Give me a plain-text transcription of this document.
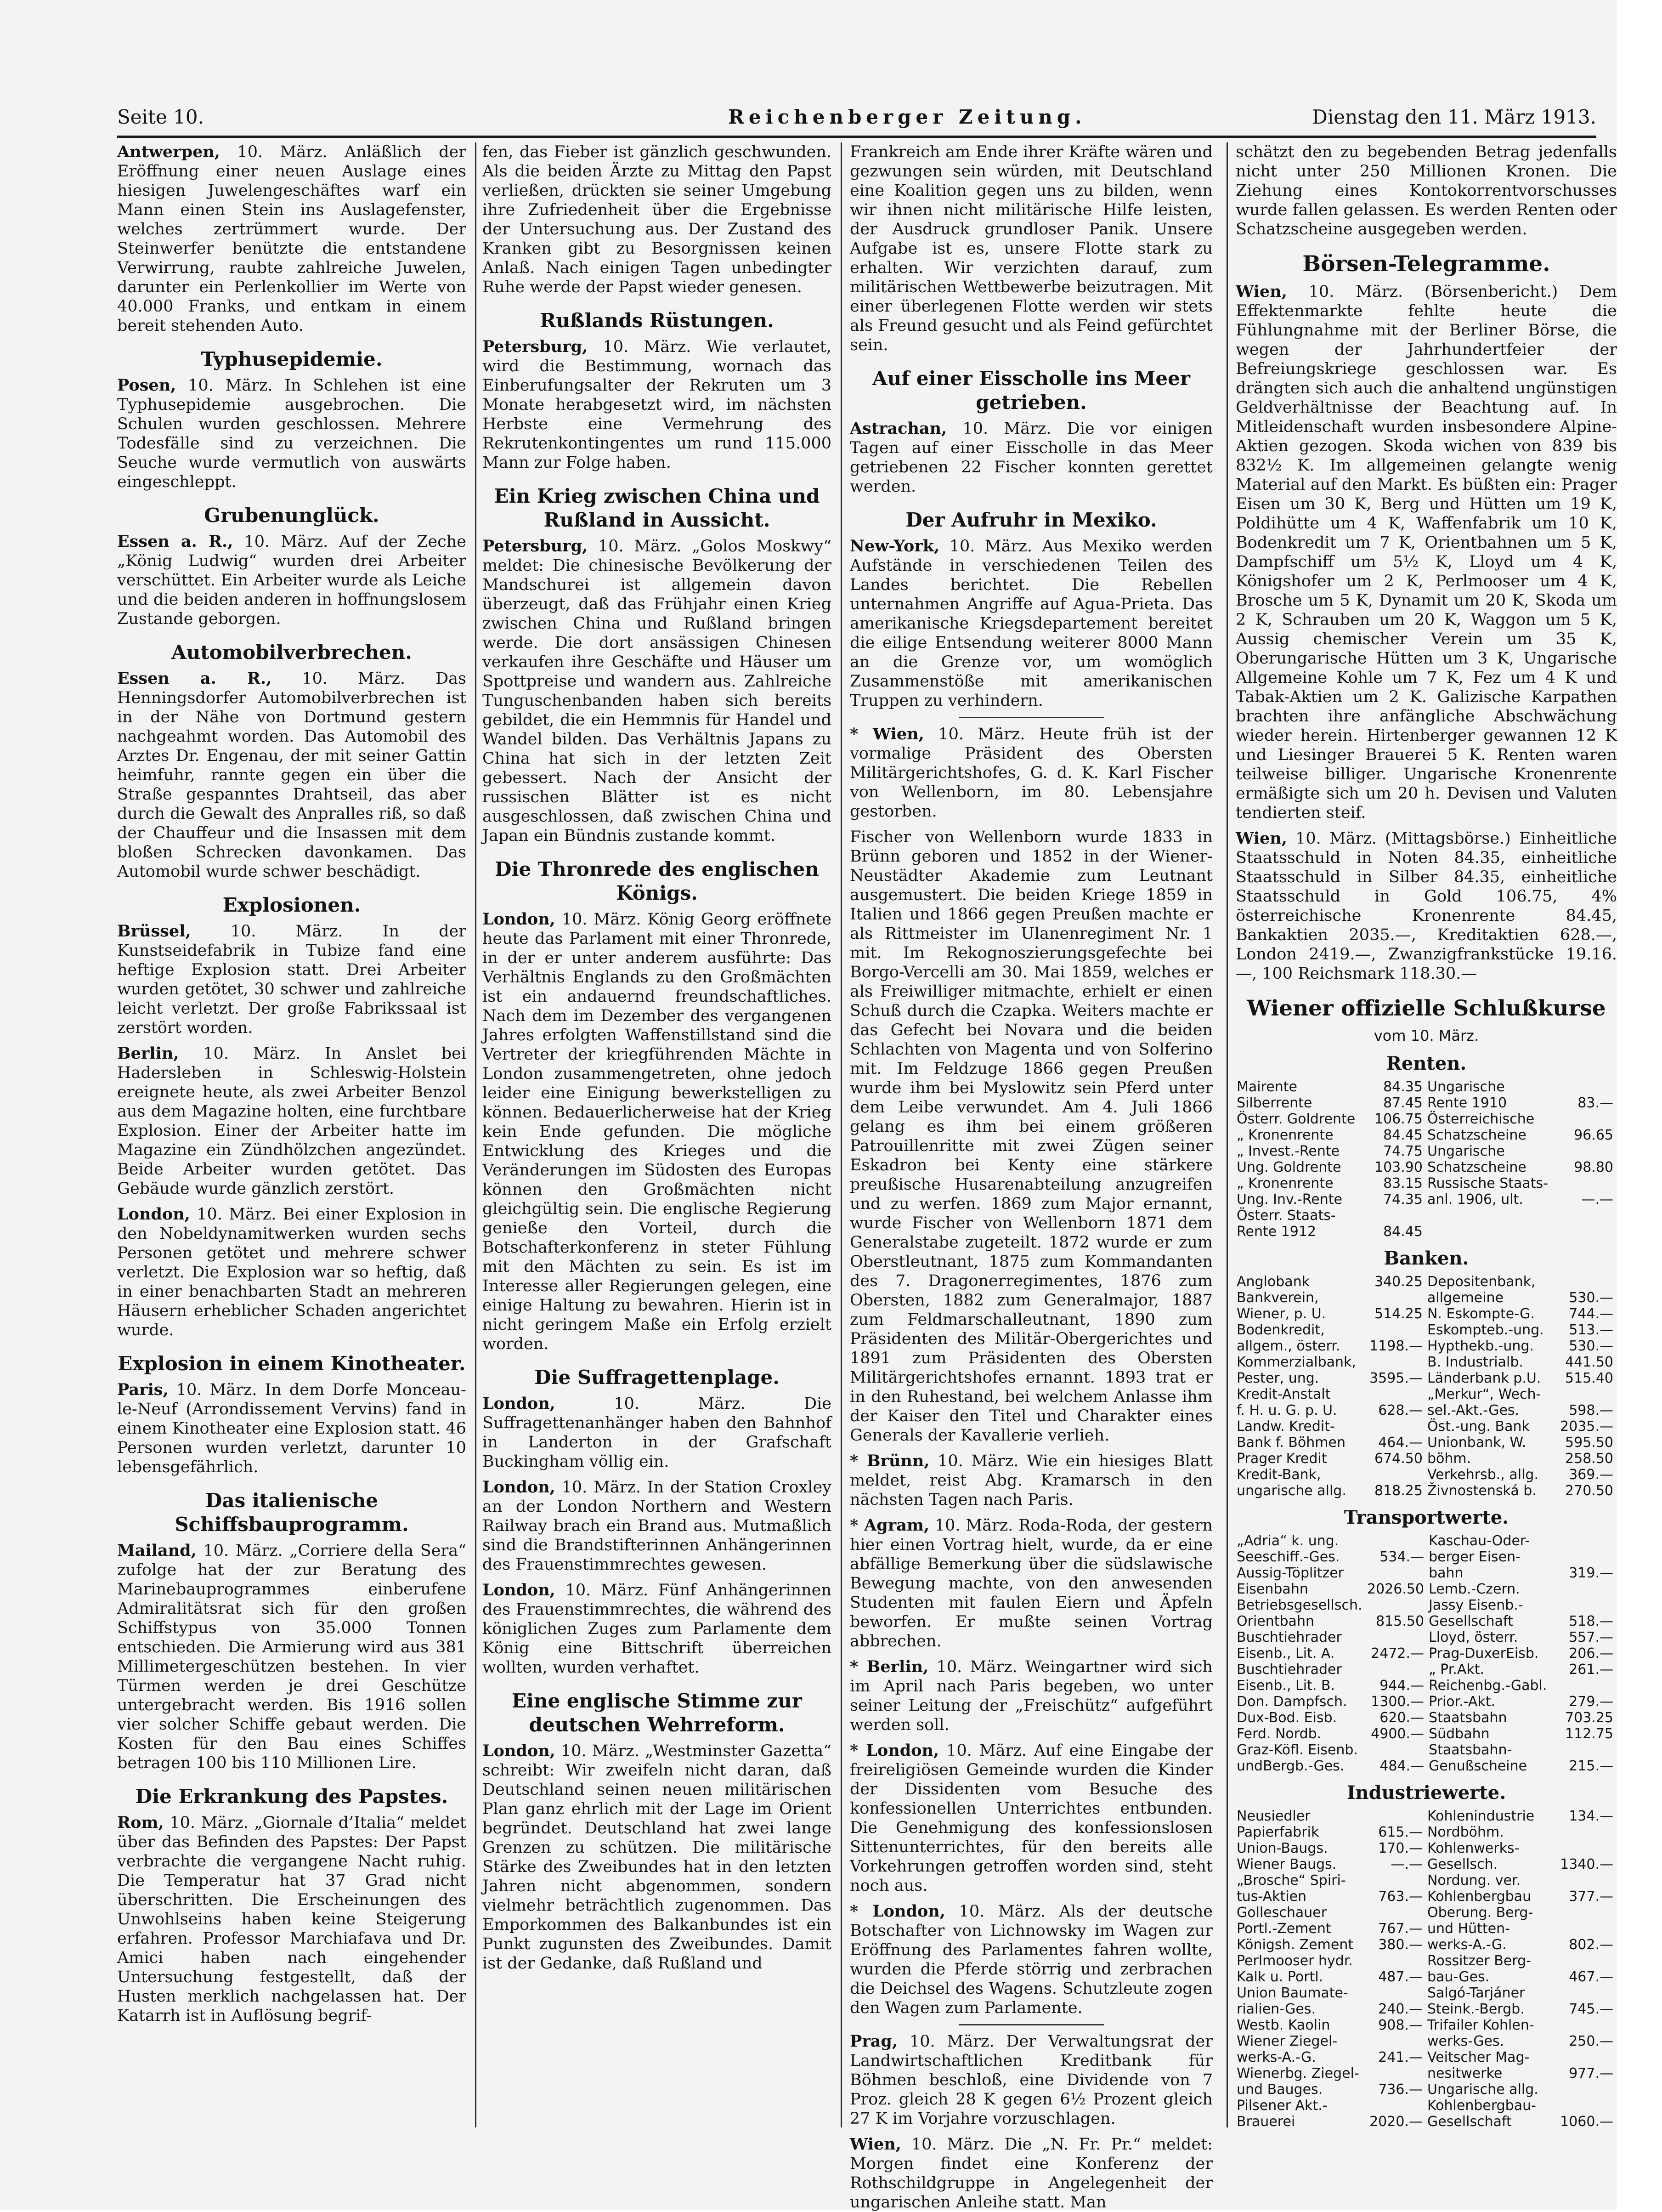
Seite 10.	Reichenberger Zeitung.	Dienstag den 11. März 1913.

Antwerpen, 10. März. Anläßlich der Eröffnung einer neuen Auslage eines hiesigen Juwelengeschäftes warf ein Mann einen Stein ins Auslagefenster, welches zertrümmert wurde. Der Steinwerfer benützte die entstandene Verwirrung, raubte zahlreiche Juwelen, darunter ein Perlenkollier im Werte von 40.000 Franks, und entkam in einem bereit stehenden Auto.

Typhusepidemie.

Posen, 10. März. In Schlehen ist eine Typhusepidemie ausgebrochen. Die Schulen wurden geschlossen. Mehrere Todesfälle sind zu verzeichnen. Die Seuche wurde vermutlich von auswärts eingeschleppt.

Grubenunglück.

Essen a. R., 10. März. Auf der Zeche „König Ludwig“ wurden drei Arbeiter verschüttet. Ein Arbeiter wurde als Leiche und die beiden anderen in hoffnungslosem Zustande geborgen.

Automobilverbrechen.

Essen a. R., 10. März. Das Henningsdorfer Automobilverbrechen ist in der Nähe von Dortmund gestern nachgeahmt worden. Das Automobil des Arztes Dr. Engenau, der mit seiner Gattin heimfuhr, rannte gegen ein über die Straße gespanntes Drahtseil, das aber durch die Gewalt des Anpralles riß, so daß der Chauffeur und die Insassen mit dem bloßen Schrecken davonkamen. Das Automobil wurde schwer beschädigt.

Explosionen.

Brüssel, 10. März. In der Kunstseidefabrik in Tubize fand eine heftige Explosion statt. Drei Arbeiter wurden getötet, 30 schwer und zahlreiche leicht verletzt. Der große Fabrikssaal ist zerstört worden.

Berlin, 10. März. In Anslet bei Hadersleben in Schleswig-Holstein ereignete heute, als zwei Arbeiter Benzol aus dem Magazine holten, eine furchtbare Explosion. Einer der Arbeiter hatte im Magazine ein Zündhölzchen angezündet. Beide Arbeiter wurden getötet. Das Gebäude wurde gänzlich zerstört.

London, 10. März. Bei einer Explosion in den Nobeldynamitwerken wurden sechs Personen getötet und mehrere schwer verletzt. Die Explosion war so heftig, daß in einer benachbarten Stadt an mehreren Häusern erheblicher Schaden angerichtet wurde.

Explosion in einem Kinotheater.

Paris, 10. März. In dem Dorfe Monceau-le-Neuf (Arrondissement Vervins) fand in einem Kinotheater eine Explosion statt. 46 Personen wurden verletzt, darunter 10 lebensgefährlich.

Das italienische Schiffsbauprogramm.

Mailand, 10. März. „Corriere della Sera“ zufolge hat der zur Beratung des Marinebauprogrammes einberufene Admiralitätsrat sich für den großen Schiffstypus von 35.000 Tonnen entschieden. Die Armierung wird aus 381 Millimetergeschützen bestehen. In vier Türmen werden je drei Geschütze untergebracht werden. Bis 1916 sollen vier solcher Schiffe gebaut werden. Die Kosten für den Bau eines Schiffes betragen 100 bis 110 Millionen Lire.

Die Erkrankung des Papstes.

Rom, 10. März. „Giornale d’Italia“ meldet über das Befinden des Papstes: Der Papst verbrachte die vergangene Nacht ruhig. Die Temperatur hat 37 Grad nicht überschritten. Die Erscheinungen des Unwohlseins haben keine Steigerung erfahren. Professor Marchiafava und Dr. Amici haben nach eingehender Untersuchung festgestellt, daß der Husten merklich nachgelassen hat. Der Katarrh ist in Auflösung begrif-

fen, das Fieber ist gänzlich geschwunden. Als die beiden Ärzte zu Mittag den Papst verließen, drückten sie seiner Umgebung ihre Zufriedenheit über die Ergebnisse der Untersuchung aus. Der Zustand des Kranken gibt zu Besorgnissen keinen Anlaß. Nach einigen Tagen unbedingter Ruhe werde der Papst wieder genesen.

Rußlands Rüstungen.

Petersburg, 10. März. Wie verlautet, wird die Bestimmung, wornach das Einberufungsalter der Rekruten um 3 Monate herabgesetzt wird, im nächsten Herbste eine Vermehrung des Rekrutenkontingentes um rund 115.000 Mann zur Folge haben.

Ein Krieg zwischen China und Rußland in Aussicht.

Petersburg, 10. März. „Golos Moskwy“ meldet: Die chinesische Bevölkerung der Mandschurei ist allgemein davon überzeugt, daß das Frühjahr einen Krieg zwischen China und Rußland bringen werde. Die dort ansässigen Chinesen verkaufen ihre Geschäfte und Häuser um Spottpreise und wandern aus. Zahlreiche Tunguschenbanden haben sich bereits gebildet, die ein Hemmnis für Handel und Wandel bilden. Das Verhältnis Japans zu China hat sich in der letzten Zeit gebessert. Nach der Ansicht der russischen Blätter ist es nicht ausgeschlossen, daß zwischen China und Japan ein Bündnis zustande kommt.

Die Thronrede des englischen Königs.

London, 10. März. König Georg eröffnete heute das Parlament mit einer Thronrede, in der er unter anderem ausführte: Das Verhältnis Englands zu den Großmächten ist ein andauernd freundschaftliches. Nach dem im Dezember des vergangenen Jahres erfolgten Waffenstillstand sind die Vertreter der kriegführenden Mächte in London zusammengetreten, ohne jedoch leider eine Einigung bewerkstelligen zu können. Bedauerlicherweise hat der Krieg kein Ende gefunden. Die mögliche Entwicklung des Krieges und die Veränderungen im Südosten des Europas können den Großmächten nicht gleichgültig sein. Die englische Regierung genieße den Vorteil, durch die Botschafterkonferenz in steter Fühlung mit den Mächten zu sein. Es ist im Interesse aller Regierungen gelegen, eine einige Haltung zu bewahren. Hierin ist in nicht geringem Maße ein Erfolg erzielt worden.

Die Suffragettenplage.

London,	10. März. Die Suffragettenanhänger haben den Bahnhof in Landerton in der Grafschaft Buckingham völlig ein.

London, 10. März. In der Station Croxley an der London Northern and Western Railway brach ein Brand aus. Mutmaßlich sind die Brandstifterinnen Anhängerinnen des Frauenstimmrechtes gewesen.

London, 10. März. Fünf Anhängerinnen des Frauenstimmrechtes, die während des königlichen Zuges zum Parlamente dem König eine Bittschrift überreichen wollten, wurden verhaftet.

Eine englische Stimme zur deutschen Wehrreform.

London, 10. März. „Westminster Gazetta“ schreibt: Wir zweifeln nicht daran, daß Deutschland seinen neuen militärischen Plan ganz ehrlich mit der Lage im Orient begründet. Deutschland hat zwei lange Grenzen zu schützen. Die militärische Stärke des Zweibundes hat in den letzten Jahren nicht abgenommen, sondern vielmehr beträchtlich zugenommen. Das Emporkommen des Balkanbundes ist ein Punkt zugunsten des Zweibundes. Damit ist der Gedanke, daß Rußland und

Frankreich am Ende ihrer Kräfte wären und gezwungen sein würden, mit Deutschland eine Koalition gegen uns zu bilden, wenn wir ihnen nicht militärische Hilfe leisten, der Ausdruck grundloser Panik. Unsere Aufgabe ist es, unsere Flotte stark zu erhalten. Wir verzichten darauf, zum militärischen Wettbewerbe beizutragen. Mit einer überlegenen Flotte werden wir stets als Freund gesucht und als Feind gefürchtet sein.

Auf einer Eisscholle ins Meer getrieben.

Astrachan, 10. März. Die vor einigen Tagen auf einer Eisscholle in das Meer getriebenen 22 Fischer konnten gerettet werden.

Der Aufruhr in Mexiko.

New-York, 10. März. Aus Mexiko werden Aufstände in verschiedenen Teilen des Landes berichtet. Die Rebellen unternahmen Angriffe auf Agua-Prieta. Das amerikanische Kriegsdepartement bereitet die eilige Entsendung weiterer 8000 Mann an die Grenze vor, um womöglich Zusammenstöße mit amerikanischen Truppen zu verhindern.

* Wien, 10. März. Heute früh ist der vormalige Präsident des Obersten Militärgerichtshofes, G. d. K. Karl Fischer von Wellenborn, im 80. Lebensjahre gestorben.

Fischer von Wellenborn wurde 1833 in Brünn geboren und 1852 in der Wiener-Neustädter Akademie zum Leutnant ausgemustert. Die beiden Kriege 1859 in Italien und 1866 gegen Preußen machte er als Rittmeister im Ulanenregiment Nr. 1 mit. Im Rekognoszierungsgefechte bei Borgo-Vercelli am 30. Mai 1859, welches er als Freiwilliger mitmachte, erhielt er einen Schuß durch die Czapka. Weiters machte er das Gefecht bei Novara und die beiden Schlachten von Magenta und von Solferino mit. Im Feldzuge 1866 gegen Preußen wurde ihm bei Myslowitz sein Pferd unter dem Leibe verwundet. Am 4. Juli 1866 gelang es ihm bei einem größeren Patrouillenritte mit zwei Zügen seiner Eskadron bei Kenty eine stärkere preußische Husarenabteilung anzugreifen und zu werfen. 1869 zum Major ernannt, wurde Fischer von Wellenborn 1871 dem Generalstabe zugeteilt. 1872 wurde er zum Oberstleutnant, 1875 zum Kommandanten des 7. Dragonerregimentes, 1876 zum Obersten, 1882 zum Generalmajor, 1887 zum Feldmarschalleutnant, 1890 zum Präsidenten des Militär-Obergerichtes und 1891 zum Präsidenten des Obersten Militärgerichtshofes ernannt. 1893 trat er in den Ruhestand, bei welchem Anlasse ihm der Kaiser den Titel und Charakter eines Generals der Kavallerie verlieh.

* Brünn, 10. März. Wie ein hiesiges Blatt meldet, reist Abg. Kramarsch in den nächsten Tagen nach Paris.

* Agram, 10. März. Roda-Roda, der gestern hier einen Vortrag hielt, wurde, da er eine abfällige Bemerkung über die südslawische Bewegung machte, von den anwesenden Studenten mit faulen Eiern und Äpfeln beworfen. Er mußte seinen Vortrag abbrechen.

* Berlin, 10. März. Weingartner wird sich im April nach Paris begeben, wo unter seiner Leitung der „Freischütz“ aufgeführt werden soll.

* London, 10. März. Auf eine Eingabe der freireligiösen Gemeinde wurden die Kinder der Dissidenten vom Besuche des konfessionellen Unterrichtes entbunden. Die Genehmigung des konfessionslosen Sittenunterrichtes, für den bereits alle Vorkehrungen getroffen worden sind, steht noch aus.

* London, 10. März. Als der deutsche Botschafter von Lichnowsky im Wagen zur Eröffnung des Parlamentes fahren wollte, wurden die Pferde störrig und zerbrachen die Deichsel des Wagens. Schutzleute zogen den Wagen zum Parlamente.

Prag, 10. März. Der Verwaltungsrat der Landwirtschaftlichen Kreditbank für Böhmen beschloß, eine Dividende von 7 Proz. gleich 28 K gegen 6½ Prozent gleich 27 K im Vorjahre vorzuschlagen.

Wien, 10. März. Die „N. Fr. Pr.“ meldet: Morgen findet eine Konferenz der Rothschildgruppe in Angelegenheit der ungarischen Anleihe statt. Man

schätzt den zu begebenden Betrag jedenfalls nicht unter 250 Millionen Kronen. Die Ziehung eines Kontokorrentvorschusses wurde fallen gelassen. Es werden Renten oder Schatzscheine ausgegeben werden.

Börsen-Telegramme.

Wien, 10. März. (Börsenbericht.) Dem Effektenmarkte fehlte heute die Fühlungnahme mit der Berliner Börse, die wegen der Jahrhundertfeier der Befreiungskriege geschlossen war. Es drängten sich auch die anhaltend ungünstigen Geldverhältnisse der Beachtung auf. In Mitleidenschaft wurden insbesondere Alpine-Aktien gezogen. Skoda wichen von 839 bis 832½ K. Im allgemeinen gelangte wenig Material auf den Markt. Es büßten ein: Prager Eisen um 30 K, Berg und Hütten um 19 K, Poldihütte um 4 K, Waffenfabrik um 10 K, Bodenkredit um 7 K, Orientbahnen um 5 K, Dampfschiff um 5½ K, Lloyd um 4 K, Königshofer um 2 K, Perlmooser um 4 K, Brosche um 5 K, Dynamit um 20 K, Skoda um 2 K, Schrauben um 20 K, Waggon um 5 K, Aussig chemischer Verein um 35 K, Oberungarische Hütten um 3 K, Ungarische Allgemeine Kohle um 7 K, Fez um 4 K und Tabak-Aktien um 2 K. Galizische Karpathen brachten ihre anfängliche Abschwächung wieder herein. Hirtenberger gewannen 12 K und Liesinger Brauerei 5 K. Renten waren teilweise billiger. Ungarische Kronenrente ermäßigte sich um 20 h. Devisen und Valuten tendierten steif.

Wien, 10. März. (Mittagsbörse.) Einheitliche Staatsschuld in Noten 84.35, einheitliche Staatsschuld in Silber 84.35, einheitliche Staatsschuld in Gold 106.75, 4% österreichische Kronenrente 84.45, Bankaktien 2035.—, Kreditaktien 628.—, London 2419.—, Zwanzigfrankstücke 19.16.—, 100 Reichsmark 118.30.—

Wiener offizielle Schlußkurse
vom 10. März.
Renten.
Mairente	84.35	Ungarische	
Silberrente	87.45	Rente 1910	83.—
Österr. Goldrente	106.75	Österreichische	
„ Kronenrente	84.45	Schatzscheine	96.65
„ Invest.-Rente	74.75	Ungarische	
Ung. Goldrente	103.90	Schatzscheine	98.80
„ Kronenrente	83.15	Russische Staats-	
Ung. Inv.-Rente	74.35	anl. 1906, ult.	—.—
Österr. Staats-			
Rente 1912	84.45		
Banken.
Anglobank	340.25	Depositenbank,	
Bankverein,		allgemeine	530.—
Wiener, p. U.	514.25	N. Eskompte-G.	744.—
Bodenkredit,		Eskompteb.-ung.	513.—
allgem., österr.	1198.—	Hypthekb.-ung.	530.—
Kommerzialbank,		B. Industrialb.	441.50
Pester, ung.	3595.—	Länderbank p.U.	515.40
Kredit-Anstalt		„Merkur“, Wech-	
f. H. u. G. p. U.	628.—	sel.-Akt.-Ges.	598.—
Landw. Kredit-		Öst.-ung. Bank	2035.—
Bank f. Böhmen	464.—	Unionbank, W.	595.50
Prager Kredit	674.50	böhm.	258.50
Kredit-Bank,		Verkehrsb., allg.	369.—
ungarische allg.	818.25	Živnostenská b.	270.50
Transportwerte.
„Adria“ k. ung.		Kaschau-Oder-	
Seeschiff.-Ges.	534.—	berger Eisen-	
Aussig-Töplitzer		bahn	319.—
Eisenbahn	2026.50	Lemb.-Czern.	
Betriebsgesellsch.		Jassy Eisenb.-	
Orientbahn	815.50	Gesellschaft	518.—
Buschtiehrader		Lloyd, österr.	557.—
Eisenb., Lit. A.	2472.—	Prag-DuxerEisb.	206.—
Buschtiehrader		„ Pr.Akt.	261.—
Eisenb., Lit. B.	944.—	Reichenbg.-Gabl.	
Don. Dampfsch.	1300.—	Prior.-Akt.	279.—
Dux-Bod. Eisb.	620.—	Staatsbahn	703.25
Ferd. Nordb.	4900.—	Südbahn	112.75
Graz-Köfl. Eisenb.		Staatsbahn-	
undBergb.-Ges.	484.—	Genußscheine	215.—
Industriewerte.
Neusiedler		Kohlenindustrie	134.—
Papierfabrik	615.—	Nordböhm.	
Union-Baugs.	170.—	Kohlenwerks-	
Wiener Baugs.	—.—	Gesellsch.	1340.—
„Brosche“ Spiri-		Nordung. ver.	
tus-Aktien	763.—	Kohlenbergbau	377.—
Golleschauer		Oberung. Berg-	
Portl.-Zement	767.—	und Hütten-	
Königsh. Zement	380.—	werks-A.-G.	802.—
Perlmooser hydr.		Rossitzer Berg-	
Kalk u. Portl.	487.—	bau-Ges.	467.—
Union Baumate-		Salgó-Tarjáner	
rialien-Ges.	240.—	Steink.-Bergb.	745.—
Westb. Kaolin	908.—	Trifailer Kohlen-	
Wiener Ziegel-		werks-Ges.	250.—
werks-A.-G.	241.—	Veitscher Mag-	
Wienerbg. Ziegel-		nesitwerke	977.—
und Bauges.	736.—	Ungarische allg.	
Pilsener Akt.-		Kohlenbergbau-	
Brauerei	2020.—	Gesellschaft	1060.—
